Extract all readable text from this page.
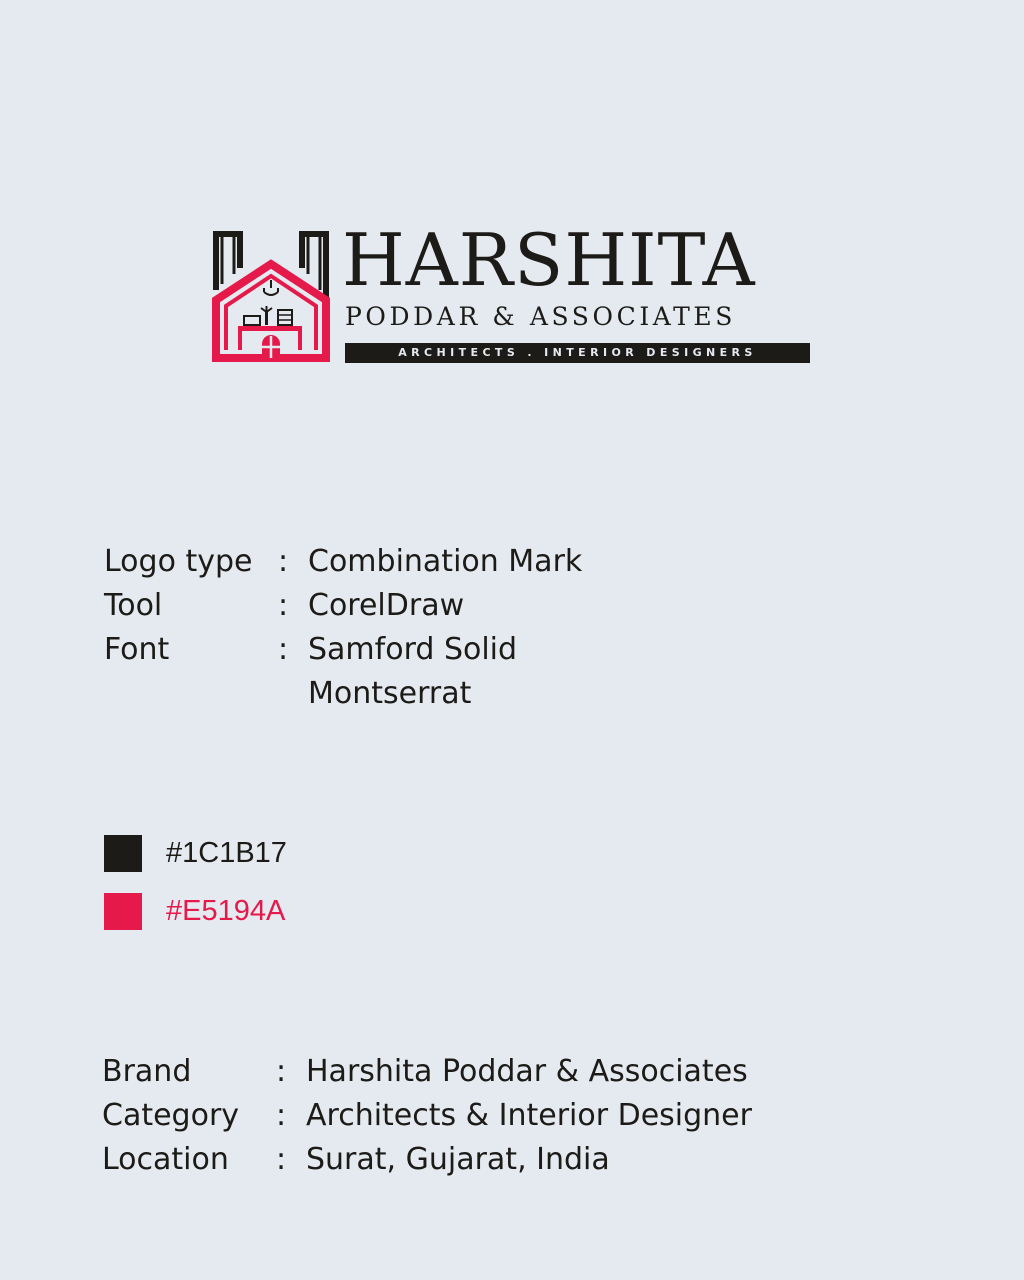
HARSHITA
PODDAR & ASSOCIATES
ARCHITECTS . INTERIOR DESIGNERS
Logo type : Combination Mark
Tool	: CorelDraw
Font	: Samford Solid
Montserrat
#1C1B17
#E5194A
Brand	: Harshita Poddar & Associates
Category : Architects & Interior Designer
Location : Surat, Gujarat, India
